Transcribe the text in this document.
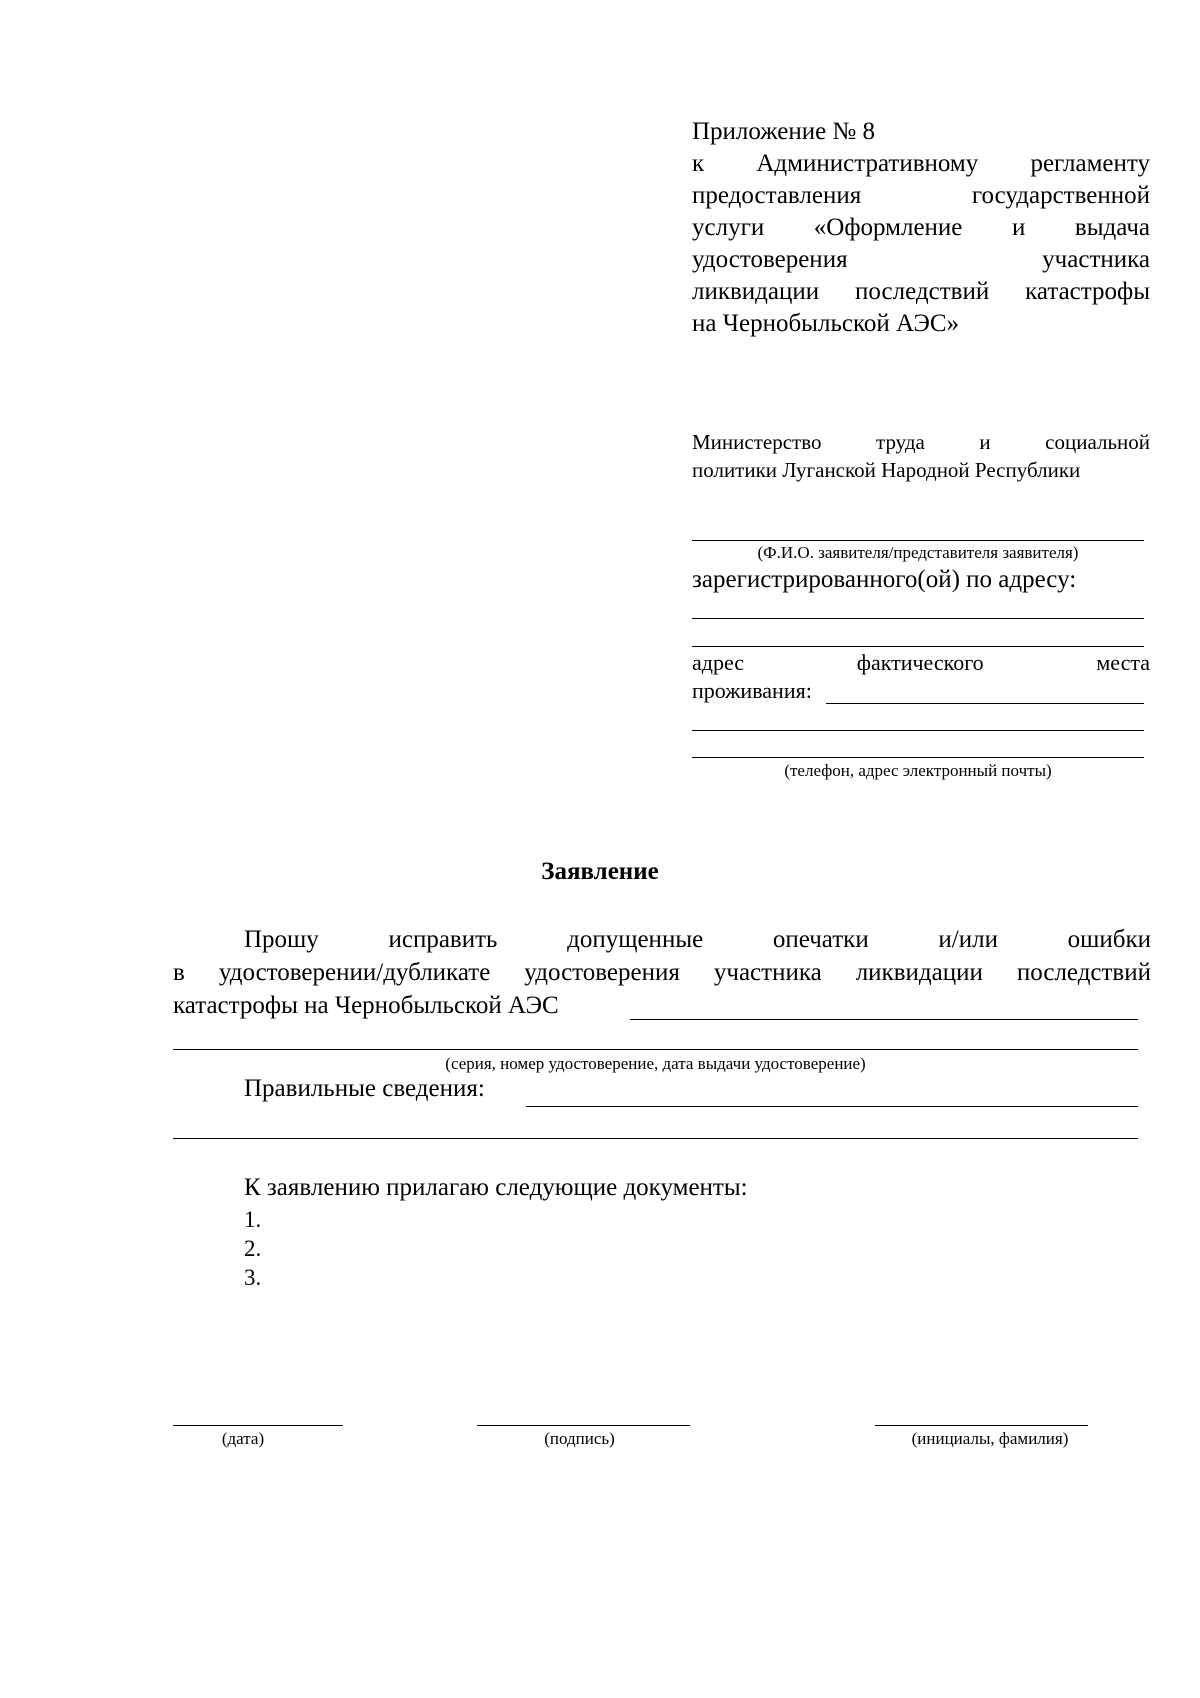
Приложение № 8
к Административному регламенту
предоставления государственной
услуги «Оформление и выдача
удостоверения участника
ликвидации последствий катастрофы
на Чернобыльской АЭС»
Министерство труда и социальной
политики Луганской Народной Республики
(Ф.И.О. заявителя/представителя заявителя)
зарегистрированного(ой) по адресу:
адрес фактического места
проживания:
(телефон, адрес электронный почты)
Заявление
Прошу исправить допущенные опечатки и/или ошибки
в удостоверении/дубликате удостоверения участника ликвидации последствий
катастрофы на Чернобыльской АЭС
(серия, номер удостоверение, дата выдачи удостоверение)
Правильные сведения:
К заявлению прилагаю следующие документы:
1.
2.
3.
(дата)	(подпись)	(инициалы, фамилия)
